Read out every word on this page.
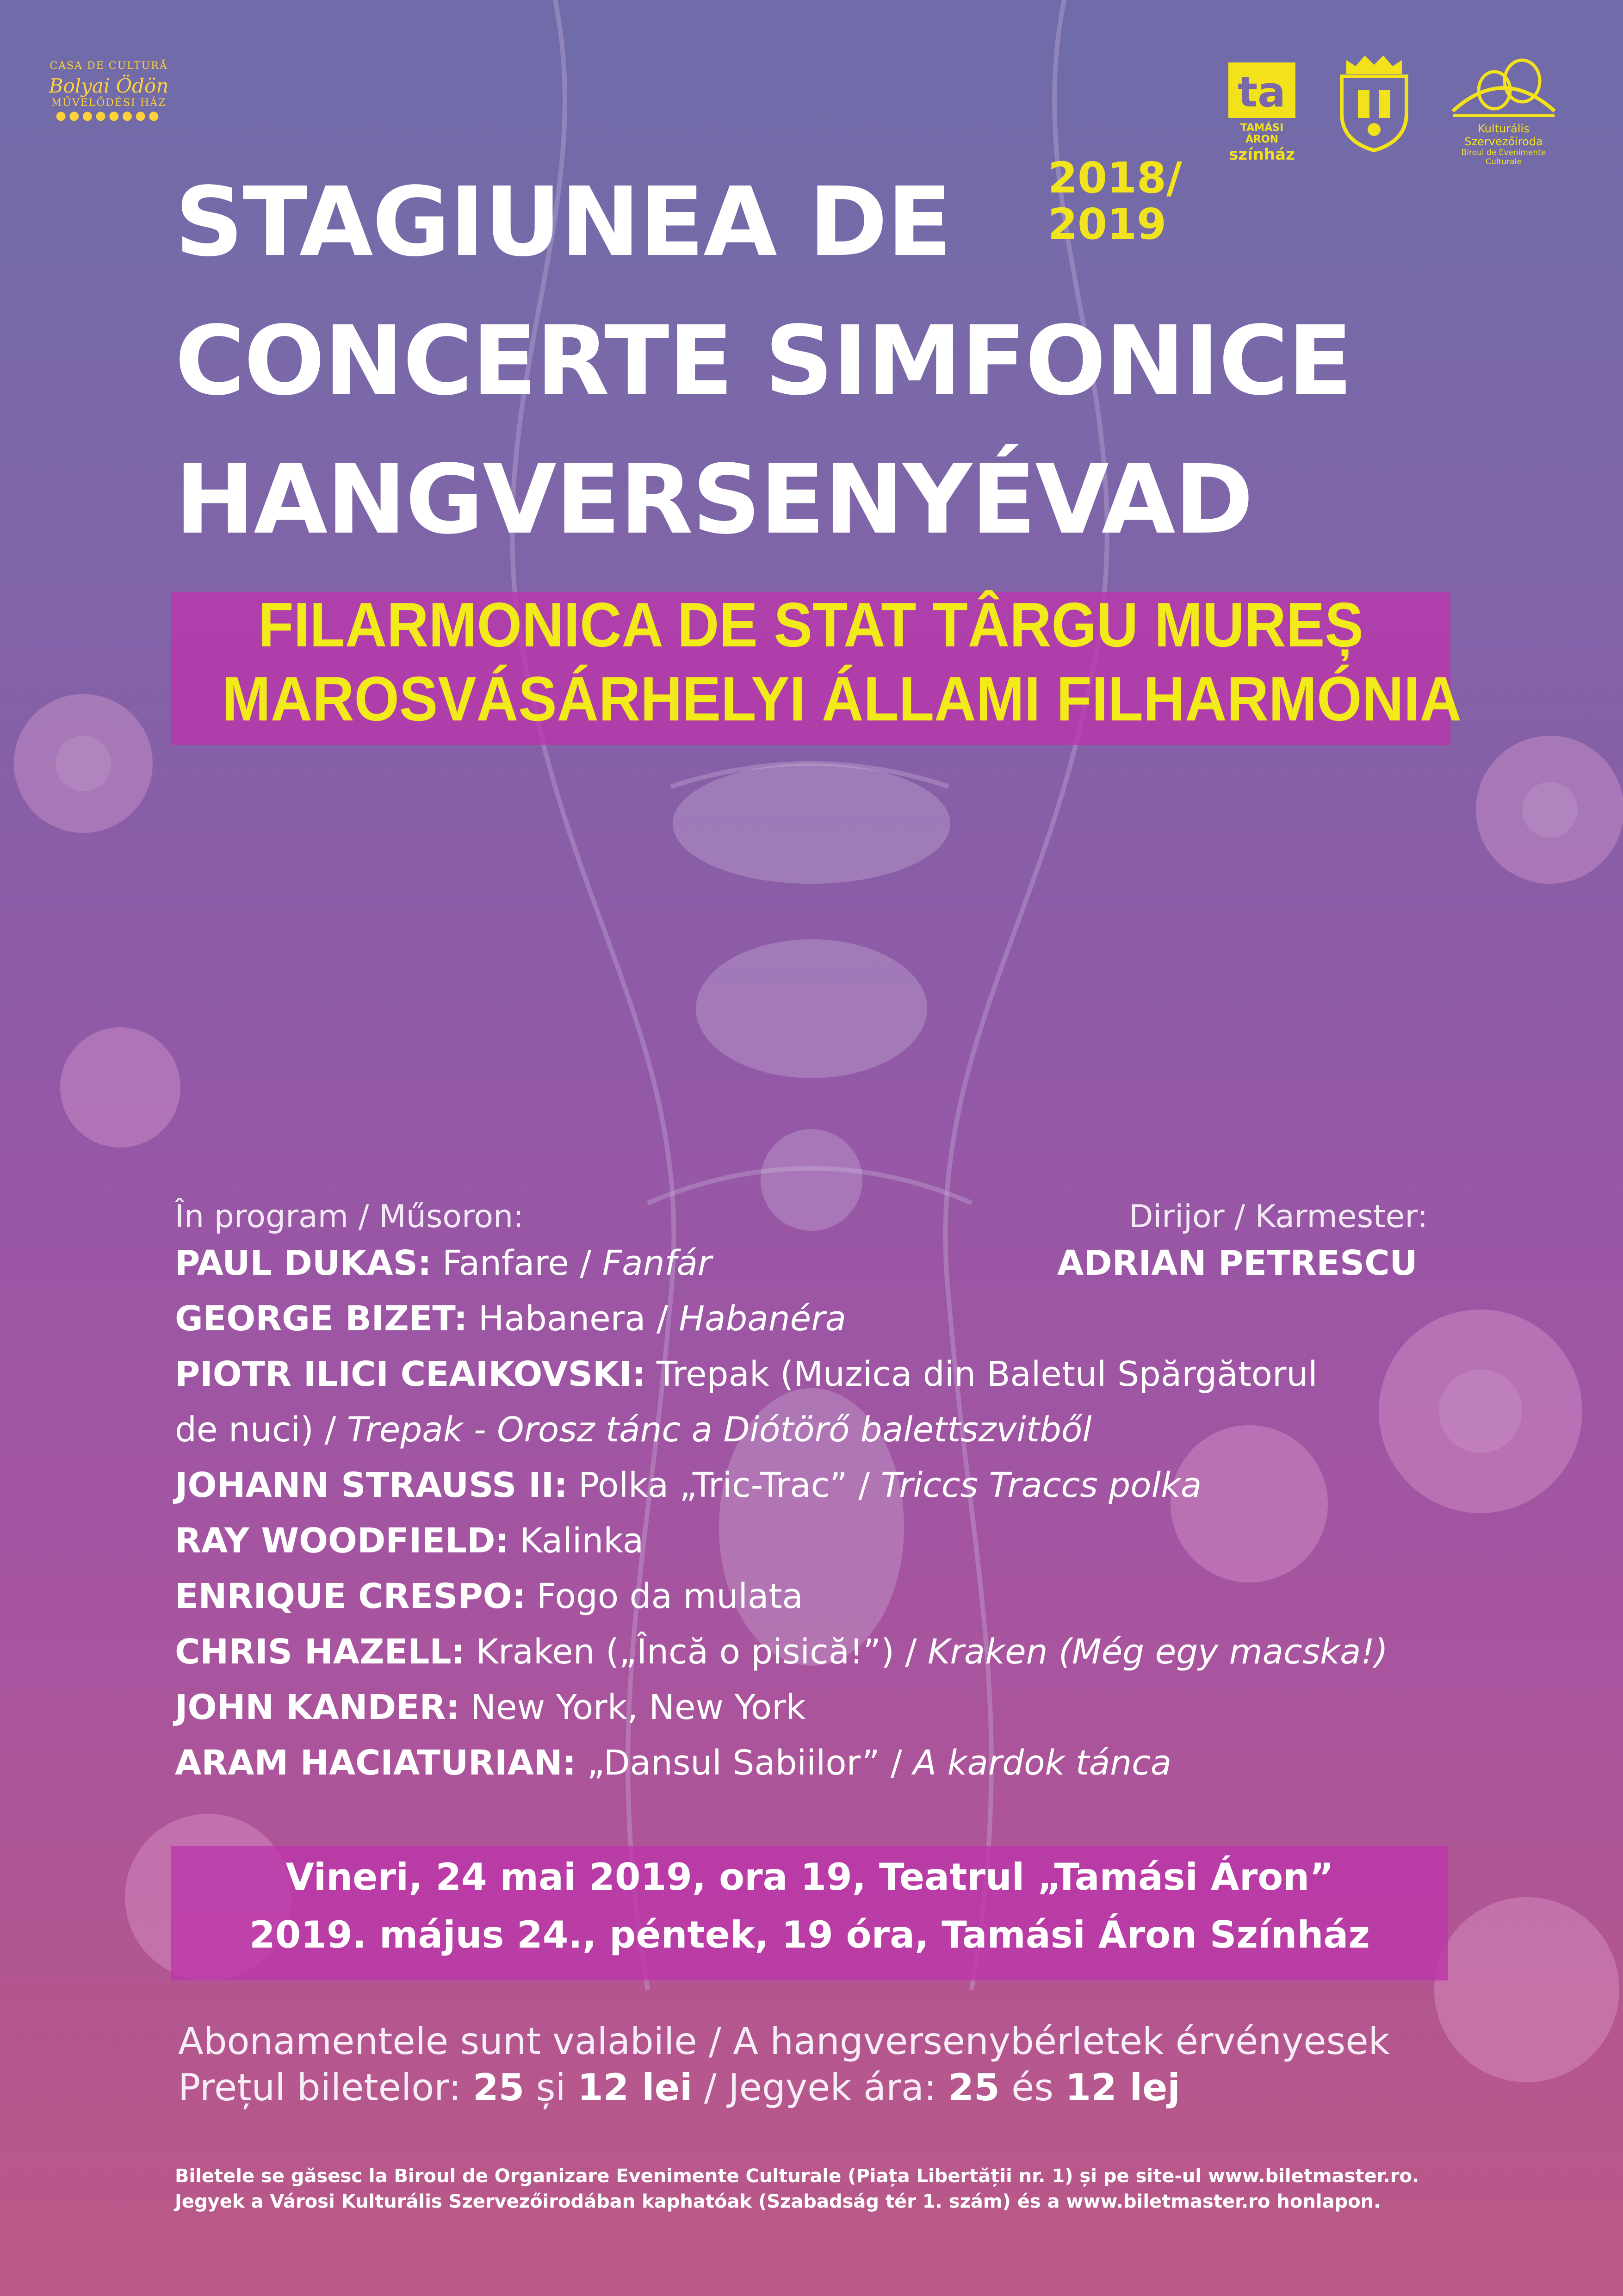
CASA DE CULTURĂ
Bolyai Ödön
MŰVELŐDÉSI HÁZ
●●●●●●●●	ta
TAMÁSI ÁRON
színház
Kulturális Szervezőiroda
Biroul de Evenimente Culturale
STAGIUNEA DE
CONCERTE SIMFONICE
HANGVERSENYÉVAD
2018/
2019
FILARMONICA DE STAT TÂRGU MUREȘ
MAROSVÁSÁRHELYI ÁLLAMI FILHARMÓNIA
În program / Műsoron:	Dirijor / Karmester:
ADRIAN PETRESCU
PAUL DUKAS: Fanfare / Fanfár
GEORGE BIZET: Habanera / Habanéra
PIOTR ILICI CEAIKOVSKI: Trepak (Muzica din Baletul Spărgătorul
de nuci) / Trepak - Orosz tánc a Diótörő balettszvitből
JOHANN STRAUSS II: Polka „Tric-Trac” / Triccs Traccs polka
RAY WOODFIELD: Kalinka
ENRIQUE CRESPO: Fogo da mulata
CHRIS HAZELL: Kraken („Încă o pisică!”) / Kraken (Még egy macska!)
JOHN KANDER: New York, New York
ARAM HACIATURIAN: „Dansul Sabiilor” / A kardok tánca
Vineri, 24 mai 2019, ora 19, Teatrul „Tamási Áron”
2019. május 24., péntek, 19 óra, Tamási Áron Színház
Abonamentele sunt valabile / A hangversenybérletek érvényesek
Prețul biletelor: 25 și 12 lei / Jegyek ára: 25 és 12 lej
Biletele se găsesc la Biroul de Organizare Evenimente Culturale (Piața Libertății nr. 1) și pe site-ul www.biletmaster.ro.
Jegyek a Városi Kulturális Szervezőirodában kaphatóak (Szabadság tér 1. szám) és a www.biletmaster.ro honlapon.
